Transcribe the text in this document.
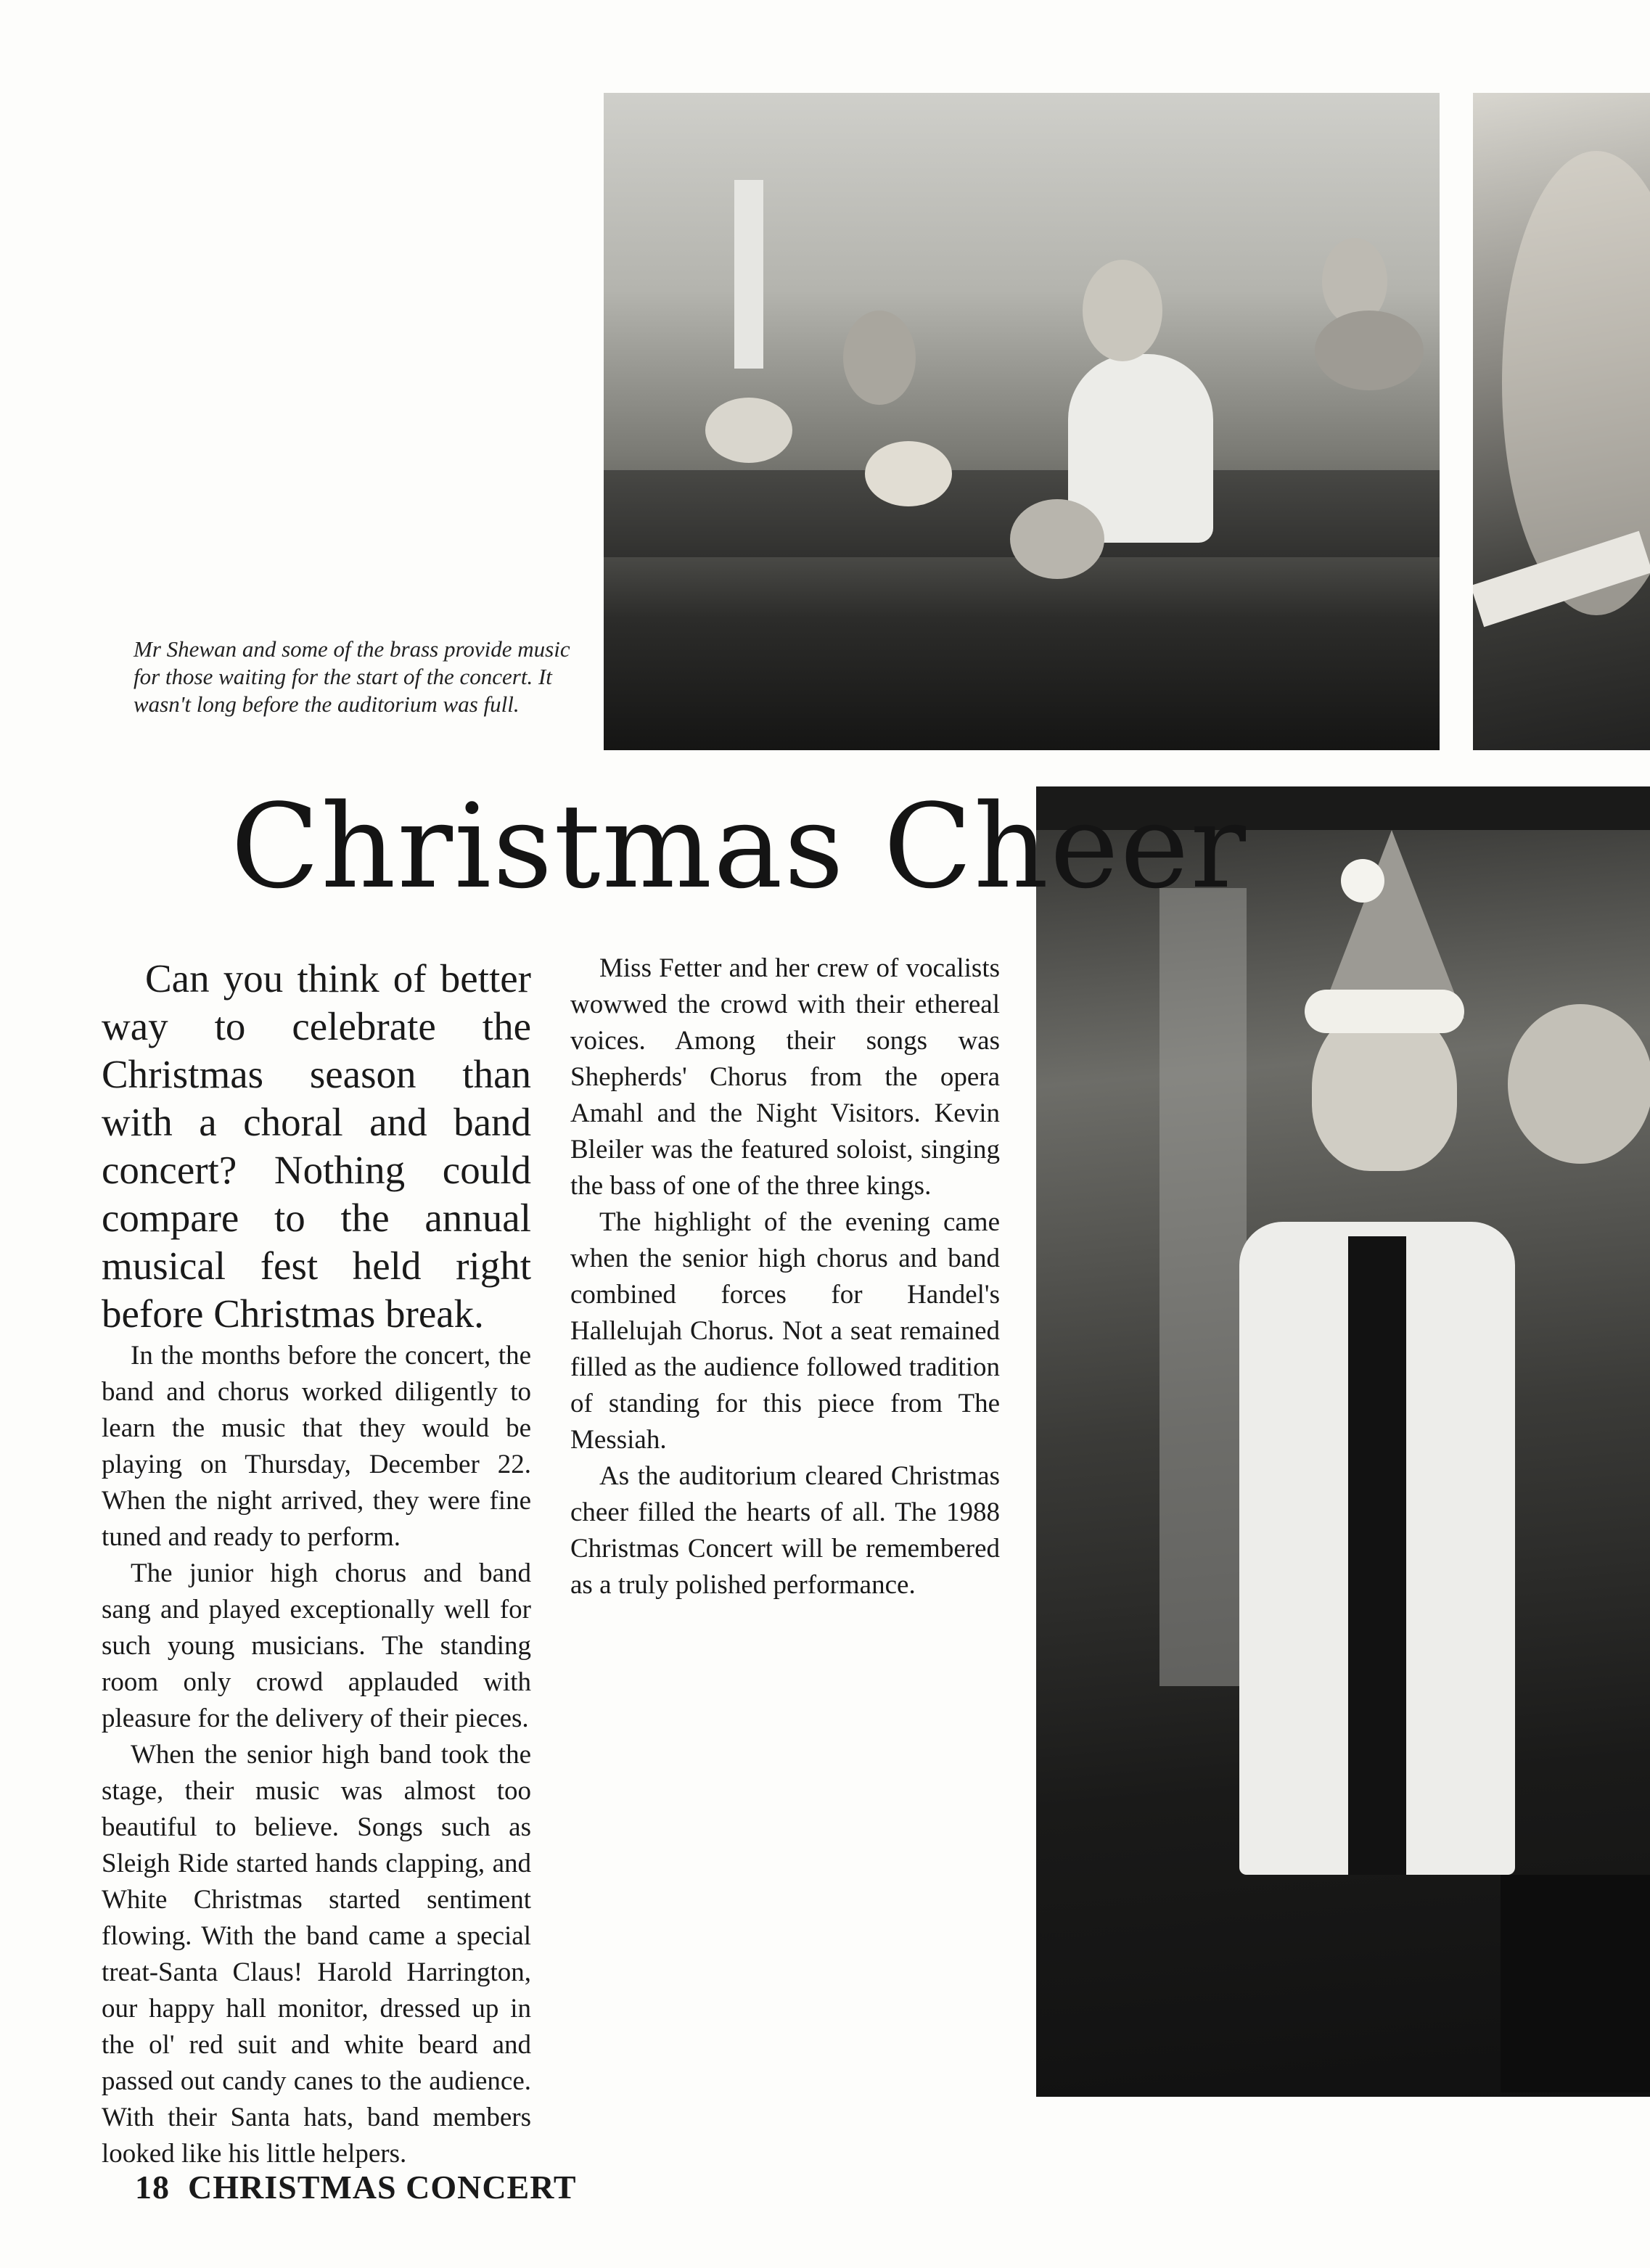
Mr Shewan and some of the brass provide music for those waiting for the start of the concert. It wasn't long before the auditorium was full.

Christmas Cheer

Can you think of better way to celebrate the Christmas season than with a choral and band concert? Nothing could compare to the annual musical fest held right before Christmas break.

In the months before the concert, the band and chorus worked diligently to learn the music that they would be playing on Thursday, December 22. When the night arrived, they were fine tuned and ready to perform.

The junior high chorus and band sang and played exceptionally well for such young musicians. The standing room only crowd applauded with pleasure for the delivery of their pieces.

When the senior high band took the stage, their music was almost too beautiful to believe. Songs such as Sleigh Ride started hands clapping, and White Christmas started sentiment flowing. With the band came a special treat-Santa Claus! Harold Harrington, our happy hall monitor, dressed up in the ol' red suit and white beard and passed out candy canes to the audience. With their Santa hats, band members looked like his little helpers.

Miss Fetter and her crew of vocalists wowwed the crowd with their ethereal voices. Among their songs was Shepherds' Chorus from the opera Amahl and the Night Visitors. Kevin Bleiler was the featured soloist, singing the bass of one of the three kings.

The highlight of the evening came when the senior high chorus and band combined forces for Handel's Hallelujah Chorus. Not a seat remained filled as the audience followed tradition of standing for this piece from The Messiah.

As the auditorium cleared Christmas cheer filled the hearts of all. The 1988 Christmas Concert will be remembered as a truly polished performance.

18 CHRISTMAS CONCERT
